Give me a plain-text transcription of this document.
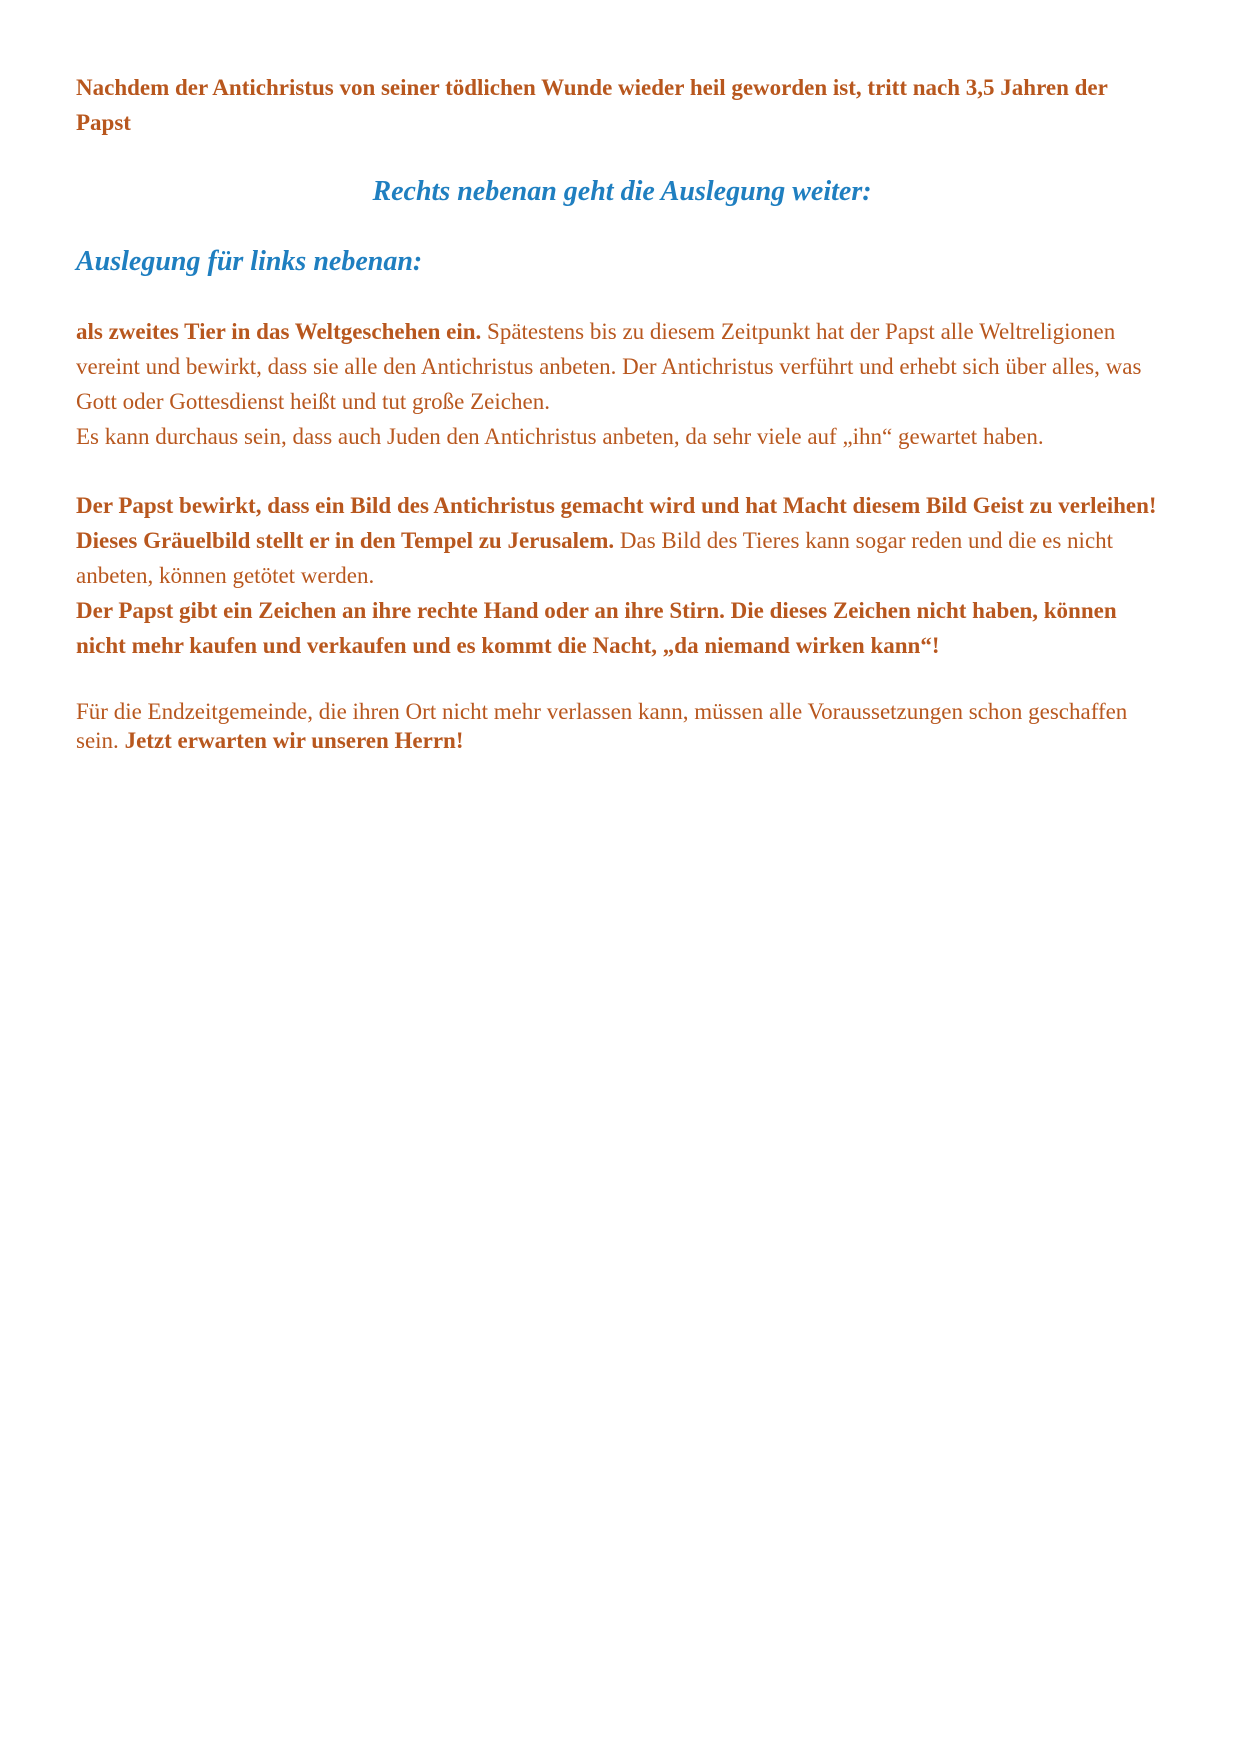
Nachdem der Antichristus von seiner tödlichen Wunde wieder heil geworden ist, tritt nach 3,5 Jahren der Papst

Rechts nebenan geht die Auslegung weiter:

Auslegung für links nebenan:

als zweites Tier in das Weltgeschehen ein. Spätestens bis zu diesem Zeitpunkt hat der Papst alle Weltreligionen vereint und bewirkt, dass sie alle den Antichristus anbeten. Der Antichristus verführt und erhebt sich über alles, was Gott oder Gottesdienst heißt und tut große Zeichen.

Es kann durchaus sein, dass auch Juden den Antichristus anbeten, da sehr viele auf „ihn“ gewartet haben.

Der Papst bewirkt, dass ein Bild des Antichristus gemacht wird und hat Macht diesem Bild Geist zu verleihen! Dieses Gräuelbild stellt er in den Tempel zu Jerusalem. Das Bild des Tieres kann sogar reden und die es nicht anbeten, können getötet werden.

Der Papst gibt ein Zeichen an ihre rechte Hand oder an ihre Stirn. Die dieses Zeichen nicht haben, können nicht mehr kaufen und verkaufen und es kommt die Nacht, „da niemand wirken kann“!

Für die Endzeitgemeinde, die ihren Ort nicht mehr verlassen kann, müssen alle Voraussetzungen schon geschaffen sein. Jetzt erwarten wir unseren Herrn!
